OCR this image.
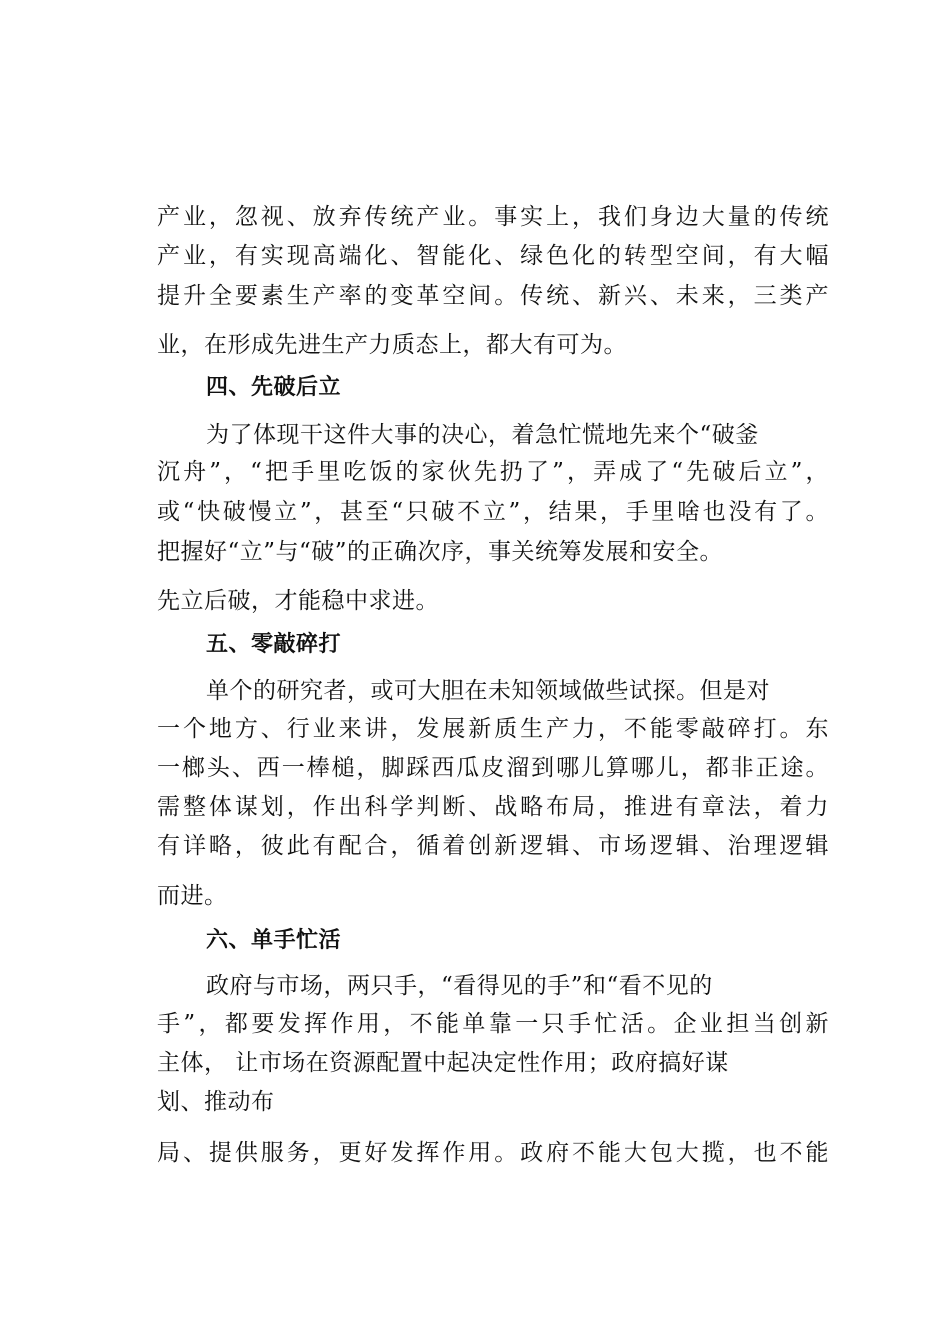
产业，忽视、放弃传统产业。事实上，我们身边大量的传统
产业，有实现高端化、智能化、绿色化的转型空间，有大幅
提升全要素生产率的变革空间。传统、新兴、未来，三类产
业，在形成先进生产力质态上，都大有可为。
四、先破后立
为了体现干这件大事的决心，着急忙慌地先来个“破釜
沉舟”，“把手里吃饭的家伙先扔了”，弄成了“先破后立”，
或“快破慢立”，甚至“只破不立”，结果，手里啥也没有了。
把握好“立”与“破”的正确次序，事关统筹发展和安全。
先立后破，才能稳中求进。
五、零敲碎打
单个的研究者，或可大胆在未知领域做些试探。但是对
一个地方、行业来讲，发展新质生产力，不能零敲碎打。东
一榔头、西一棒槌，脚踩西瓜皮溜到哪儿算哪儿，都非正途。
需整体谋划，作出科学判断、战略布局，推进有章法，着力
有详略，彼此有配合，循着创新逻辑、市场逻辑、治理逻辑
而进。
六、单手忙活
政府与市场，两只手，“看得见的手”和“看不见的
手”，都要发挥作用，不能单靠一只手忙活。企业担当创新
主体， 让市场在资源配置中起决定性作用；政府搞好谋
划、推动布
局、提供服务，更好发挥作用。政府不能大包大揽，也不能
